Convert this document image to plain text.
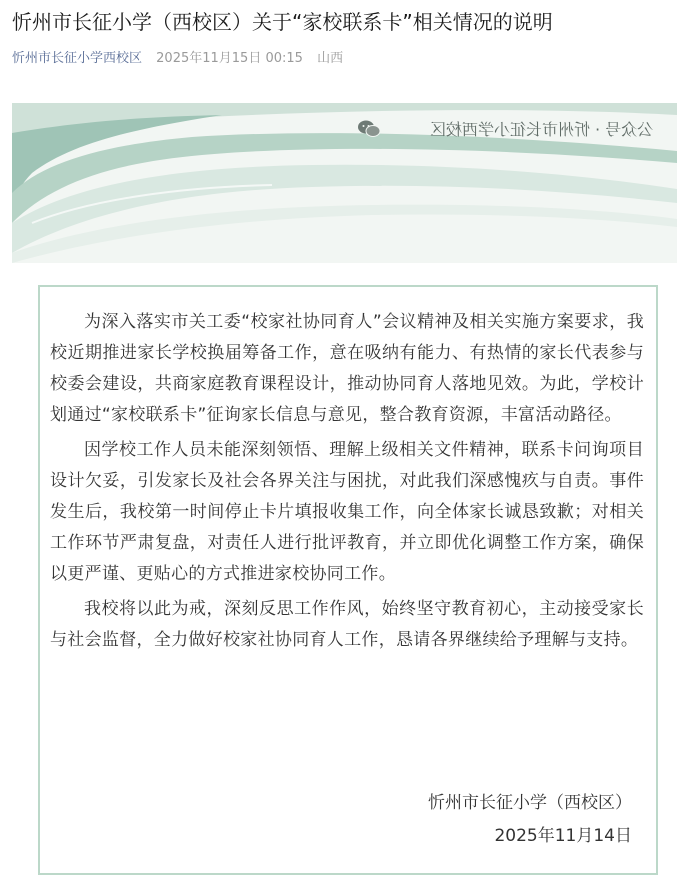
忻州市长征小学（西校区）关于“家校联系卡”相关情况的说明
忻州市长征小学西校区 2025年11月15日 00:15 山西
公众号 · 忻州市长征小学西校区

为深入落实市关工委“校家社协同育人”会议精神及相关实施方案要求，我校近期推进家长学校换届筹备工作，意在吸纳有能力、有热情的家长代表参与校委会建设，共商家庭教育课程设计，推动协同育人落地见效。为此，学校计划通过“家校联系卡”征询家长信息与意见，整合教育资源，丰富活动路径。

因学校工作人员未能深刻领悟、理解上级相关文件精神，联系卡问询项目设计欠妥，引发家长及社会各界关注与困扰，对此我们深感愧疚与自责。事件发生后，我校第一时间停止卡片填报收集工作，向全体家长诚恳致歉；对相关工作环节严肃复盘，对责任人进行批评教育，并立即优化调整工作方案，确保以更严谨、更贴心的方式推进家校协同工作。

我校将以此为戒，深刻反思工作作风，始终坚守教育初心，主动接受家长与社会监督，全力做好校家社协同育人工作，恳请各界继续给予理解与支持。

忻州市长征小学（西校区）
2025年11月14日
